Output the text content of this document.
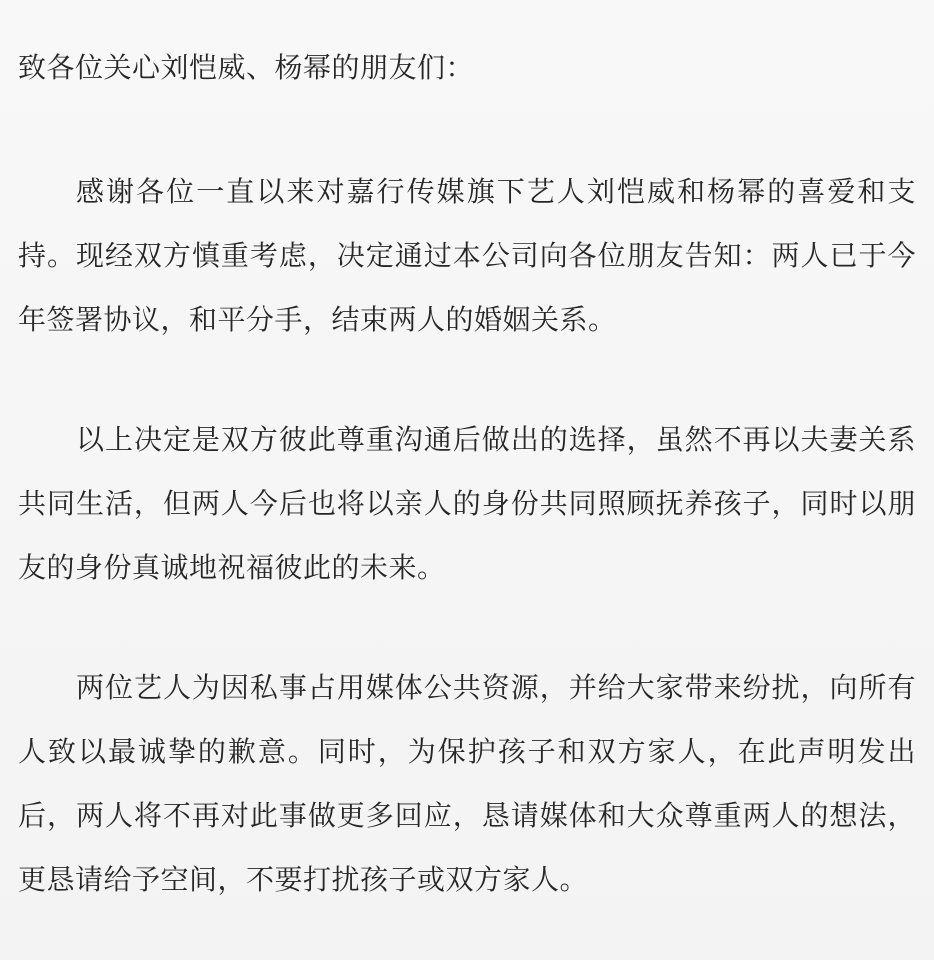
致各位关心刘恺威、杨幂的朋友们：

感谢各位一直以来对嘉行传媒旗下艺人刘恺威和杨幂的喜爱和支持。现经双方慎重考虑，决定通过本公司向各位朋友告知：两人已于今年签署协议，和平分手，结束两人的婚姻关系。

以上决定是双方彼此尊重沟通后做出的选择，虽然不再以夫妻关系共同生活，但两人今后也将以亲人的身份共同照顾抚养孩子，同时以朋友的身份真诚地祝福彼此的未来。

两位艺人为因私事占用媒体公共资源，并给大家带来纷扰，向所有人致以最诚挚的歉意。同时，为保护孩子和双方家人，在此声明发出后，两人将不再对此事做更多回应，恳请媒体和大众尊重两人的想法，更恳请给予空间，不要打扰孩子或双方家人。
